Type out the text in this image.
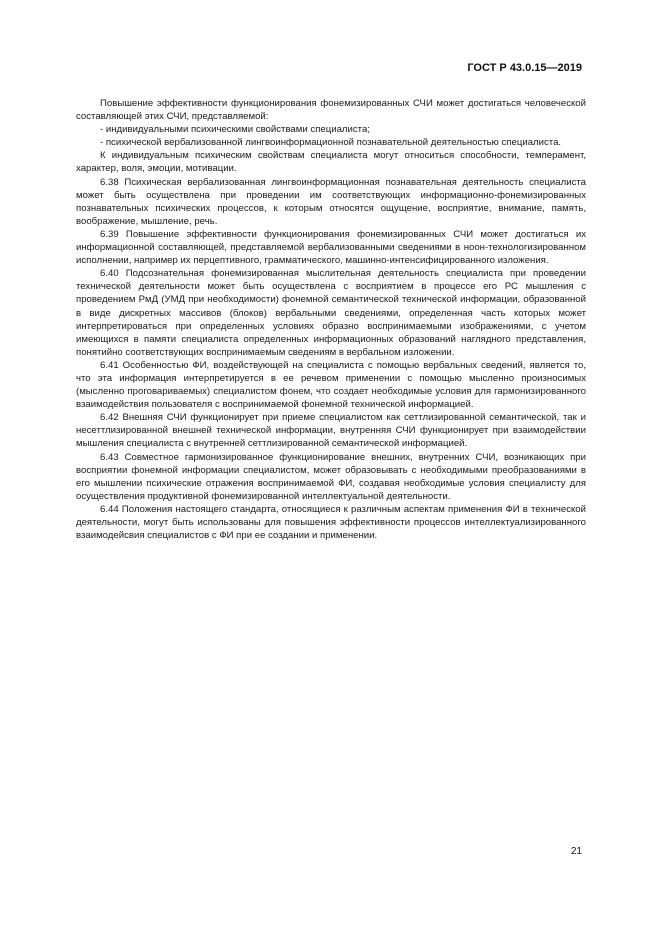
ГОСТ Р 43.0.15—2019

Повышение эффективности функционирования фонемизированных СЧИ может достигаться человеческой составляющей этих СЧИ, представляемой:

- индивидуальными психическими свойствами специалиста;

- психической вербализованной лингвоинформационной познавательной деятельностью специалиста.

К индивидуальным психическим свойствам специалиста могут относиться способности, темперамент, характер, воля, эмоции, мотивации.

6.38 Психическая вербализованная лингвоинформационная познавательная деятельность специалиста может быть осуществлена при проведении им соответствующих информационно-фонемизированных познавательных психических процессов, к которым относятся ощущение, восприятие, внимание, память, воображение, мышление, речь.

6.39 Повышение эффективности функционирования фонемизированных СЧИ может достигаться их информационной составляющей, представляемой вербализованными сведениями в ноон-технологизированном исполнении, например их перцептивного, грамматического, машинно-интенсифицированного изложения.

6.40 Подсознательная фонемизированная мыслительная деятельность специалиста при проведении технической деятельности может быть осуществлена с восприятием в процессе его РС мышления с проведением РмД (УМД при необходимости) фонемной семантической технической информации, образованной в виде дискретных массивов (блоков) вербальными сведениями, определенная часть которых может интерпретироваться при определенных условиях образно воспринимаемыми изображениями, с учетом имеющихся в памяти специалиста определенных информационных образований наглядного представления, понятийно соответствующих воспринимаемым сведениям в вербальном изложении.

6.41 Особенностью ФИ, воздействующей на специалиста с помощью вербальных сведений, является то, что эта информация интерпретируется в ее речевом применении с помощью мысленно произносимых (мысленно проговариваемых) специалистом фонем, что создает необходимые условия для гармонизированного взаимодействия пользователя с воспринимаемой фонемной технической информацией.

6.42 Внешняя СЧИ функционирует при приеме специалистом как сеттлизированной семантической, так и несеттлизированной внешней технической информации, внутренняя СЧИ функционирует при взаимодействии мышления специалиста с внутренней сеттлизированной семантической информацией.

6.43 Совместное гармонизированное функционирование внешних, внутренних СЧИ, возникающих при восприятии фонемной информации специалистом, может образовывать с необходимыми преобразованиями в его мышлении психические отражения воспринимаемой ФИ, создавая необходимые условия специалисту для осуществления продуктивной фонемизированной интеллектуальной деятельности.

6.44 Положения настоящего стандарта, относящиеся к различным аспектам применения ФИ в технической деятельности, могут быть использованы для повышения эффективности процессов интеллектуализированного взаимодейсвия специалистов с ФИ при ее создании и применении.

21
